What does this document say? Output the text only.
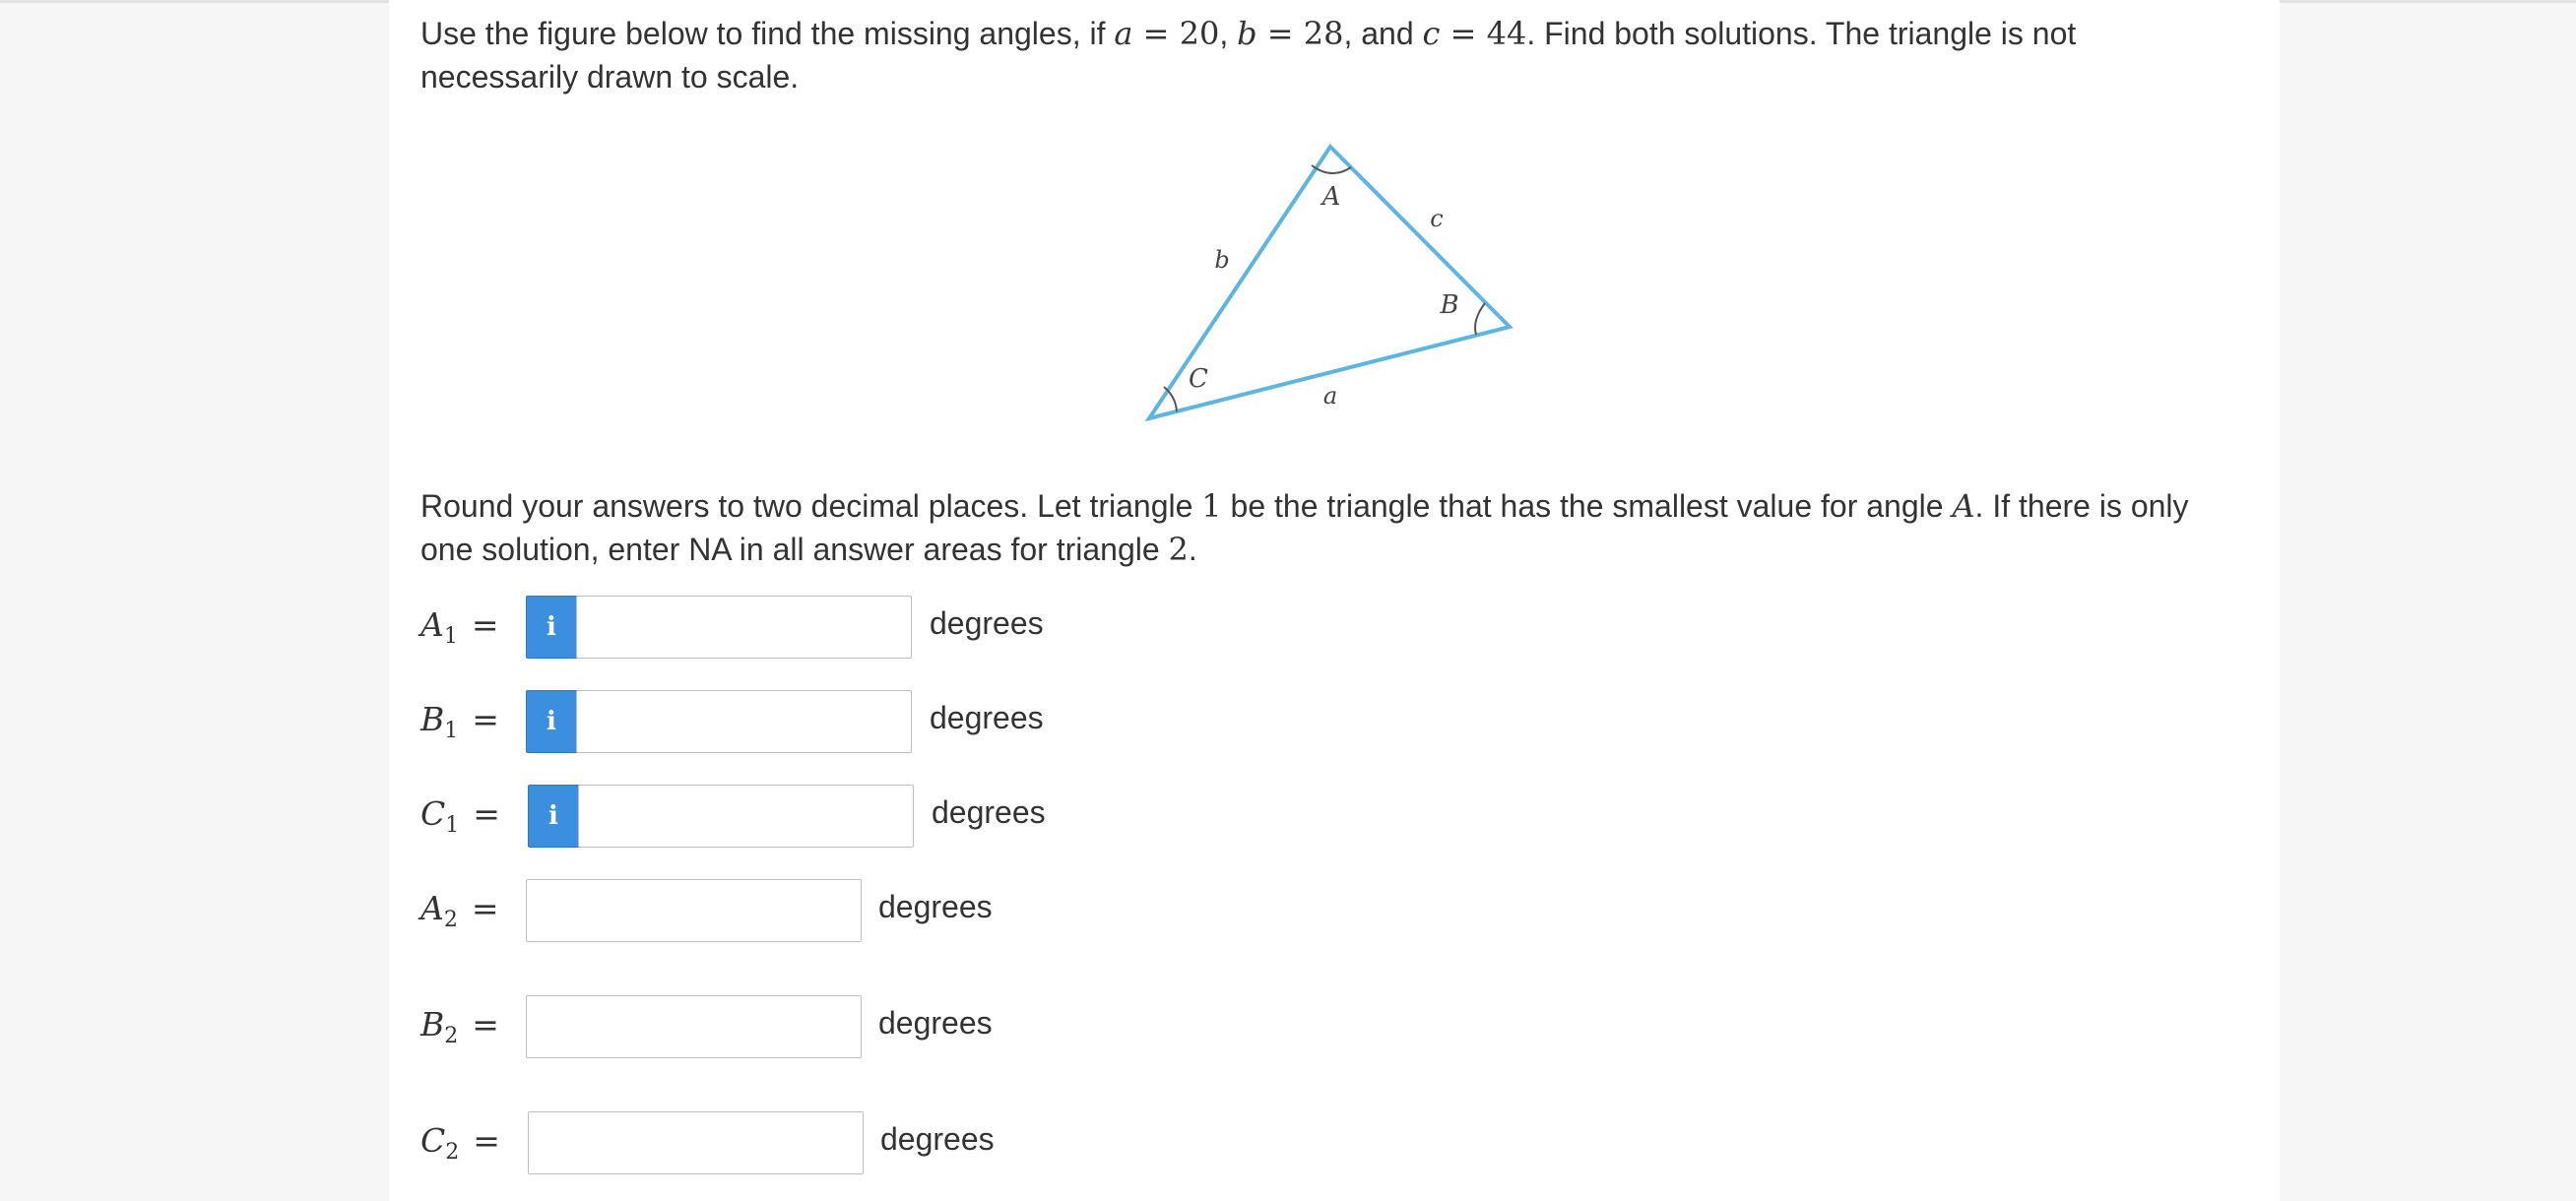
Use the figure below to find the missing angles, if a = 20, b = 28, and c = 44. Find both solutions. The triangle is not necessarily drawn to scale.
A
B
C
a
b
c
Round your answers to two decimal places. Let triangle 1 be the triangle that has the smallest value for angle A. If there is only one solution, enter NA in all answer areas for triangle 2.
$A_1$ =	i	degrees
$B_1$ =	i	degrees
$C_1$ =	i	degrees
$A_2$ =	degrees
$B_2$ =	degrees
$C_2$ =	degrees
